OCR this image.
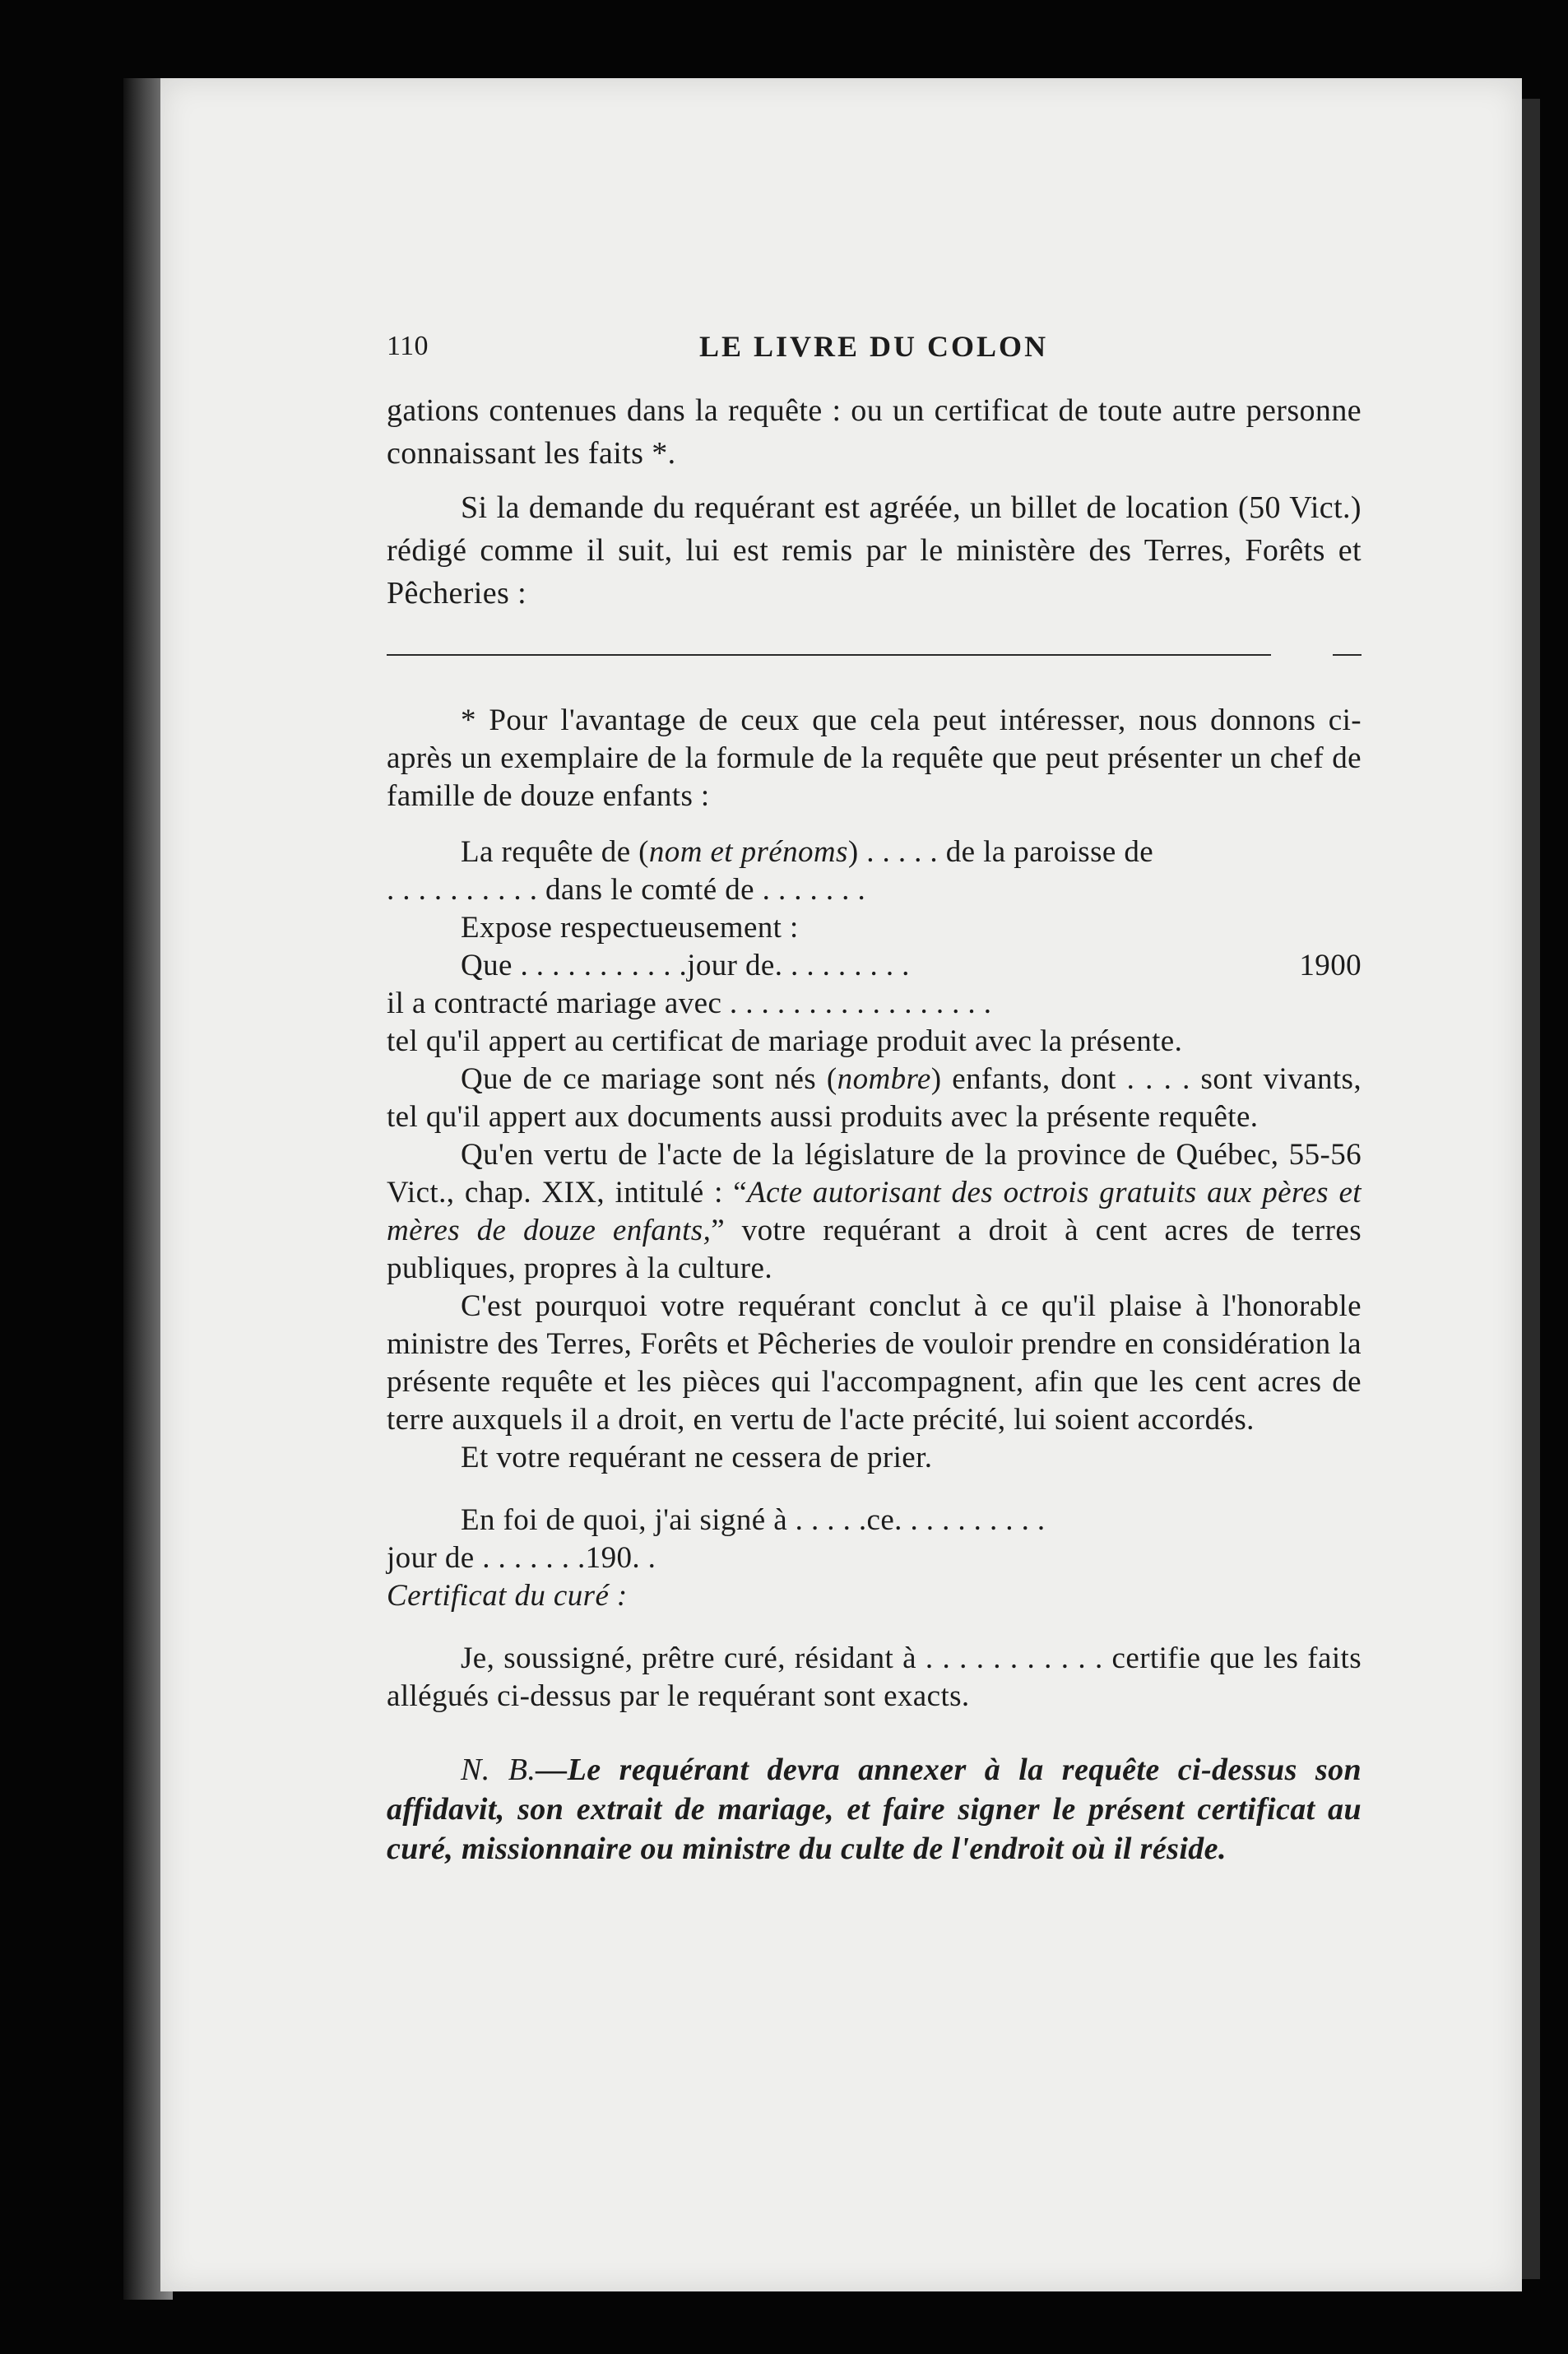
110	LE LIVRE DU COLON

gations contenues dans la requête : ou un certificat de toute autre personne connaissant les faits *.

Si la demande du requérant est agréée, un billet de location (50 Vict.) rédigé comme il suit, lui est remis par le ministère des Terres, Forêts et Pêcheries :

* Pour l'avantage de ceux que cela peut intéresser, nous donnons ci-après un exemplaire de la formule de la requête que peut présenter un chef de famille de douze enfants :

La requête de (nom et prénoms) . . . . . de la paroisse de
. . . . . . . . . . dans le comté de . . . . . . .
Expose respectueusement :
Que . . . . . . . . . . .jour de. . . . . . . . .	1900
il a contracté mariage avec . . . . . . . . . . . . . . . . .
tel qu'il appert au certificat de mariage produit avec la présente.
Que de ce mariage sont nés (nombre) enfants, dont . . . . sont vivants, tel qu'il appert aux documents aussi produits avec la présente requête.
Qu'en vertu de l'acte de la législature de la province de Québec, 55-56 Vict., chap. XIX, intitulé : “Acte autorisant des octrois gratuits aux pères et mères de douze enfants,” votre requérant a droit à cent acres de terres publiques, propres à la culture.
C'est pourquoi votre requérant conclut à ce qu'il plaise à l'honorable ministre des Terres, Forêts et Pêcheries de vouloir prendre en considération la présente requête et les pièces qui l'accompagnent, afin que les cent acres de terre auxquels il a droit, en vertu de l'acte précité, lui soient accordés.
Et votre requérant ne cessera de prier.
En foi de quoi, j'ai signé à . . . . .ce. . . . . . . . . .
jour de . . . . . . .190. .
Certificat du curé :
Je, soussigné, prêtre curé, résidant à . . . . . . . . . . . certifie que les faits allégués ci-dessus par le requérant sont exacts.
N. B.—Le requérant devra annexer à la requête ci-dessus son affidavit, son extrait de mariage, et faire signer le présent certificat au curé, missionnaire ou ministre du culte de l'endroit où il réside.
